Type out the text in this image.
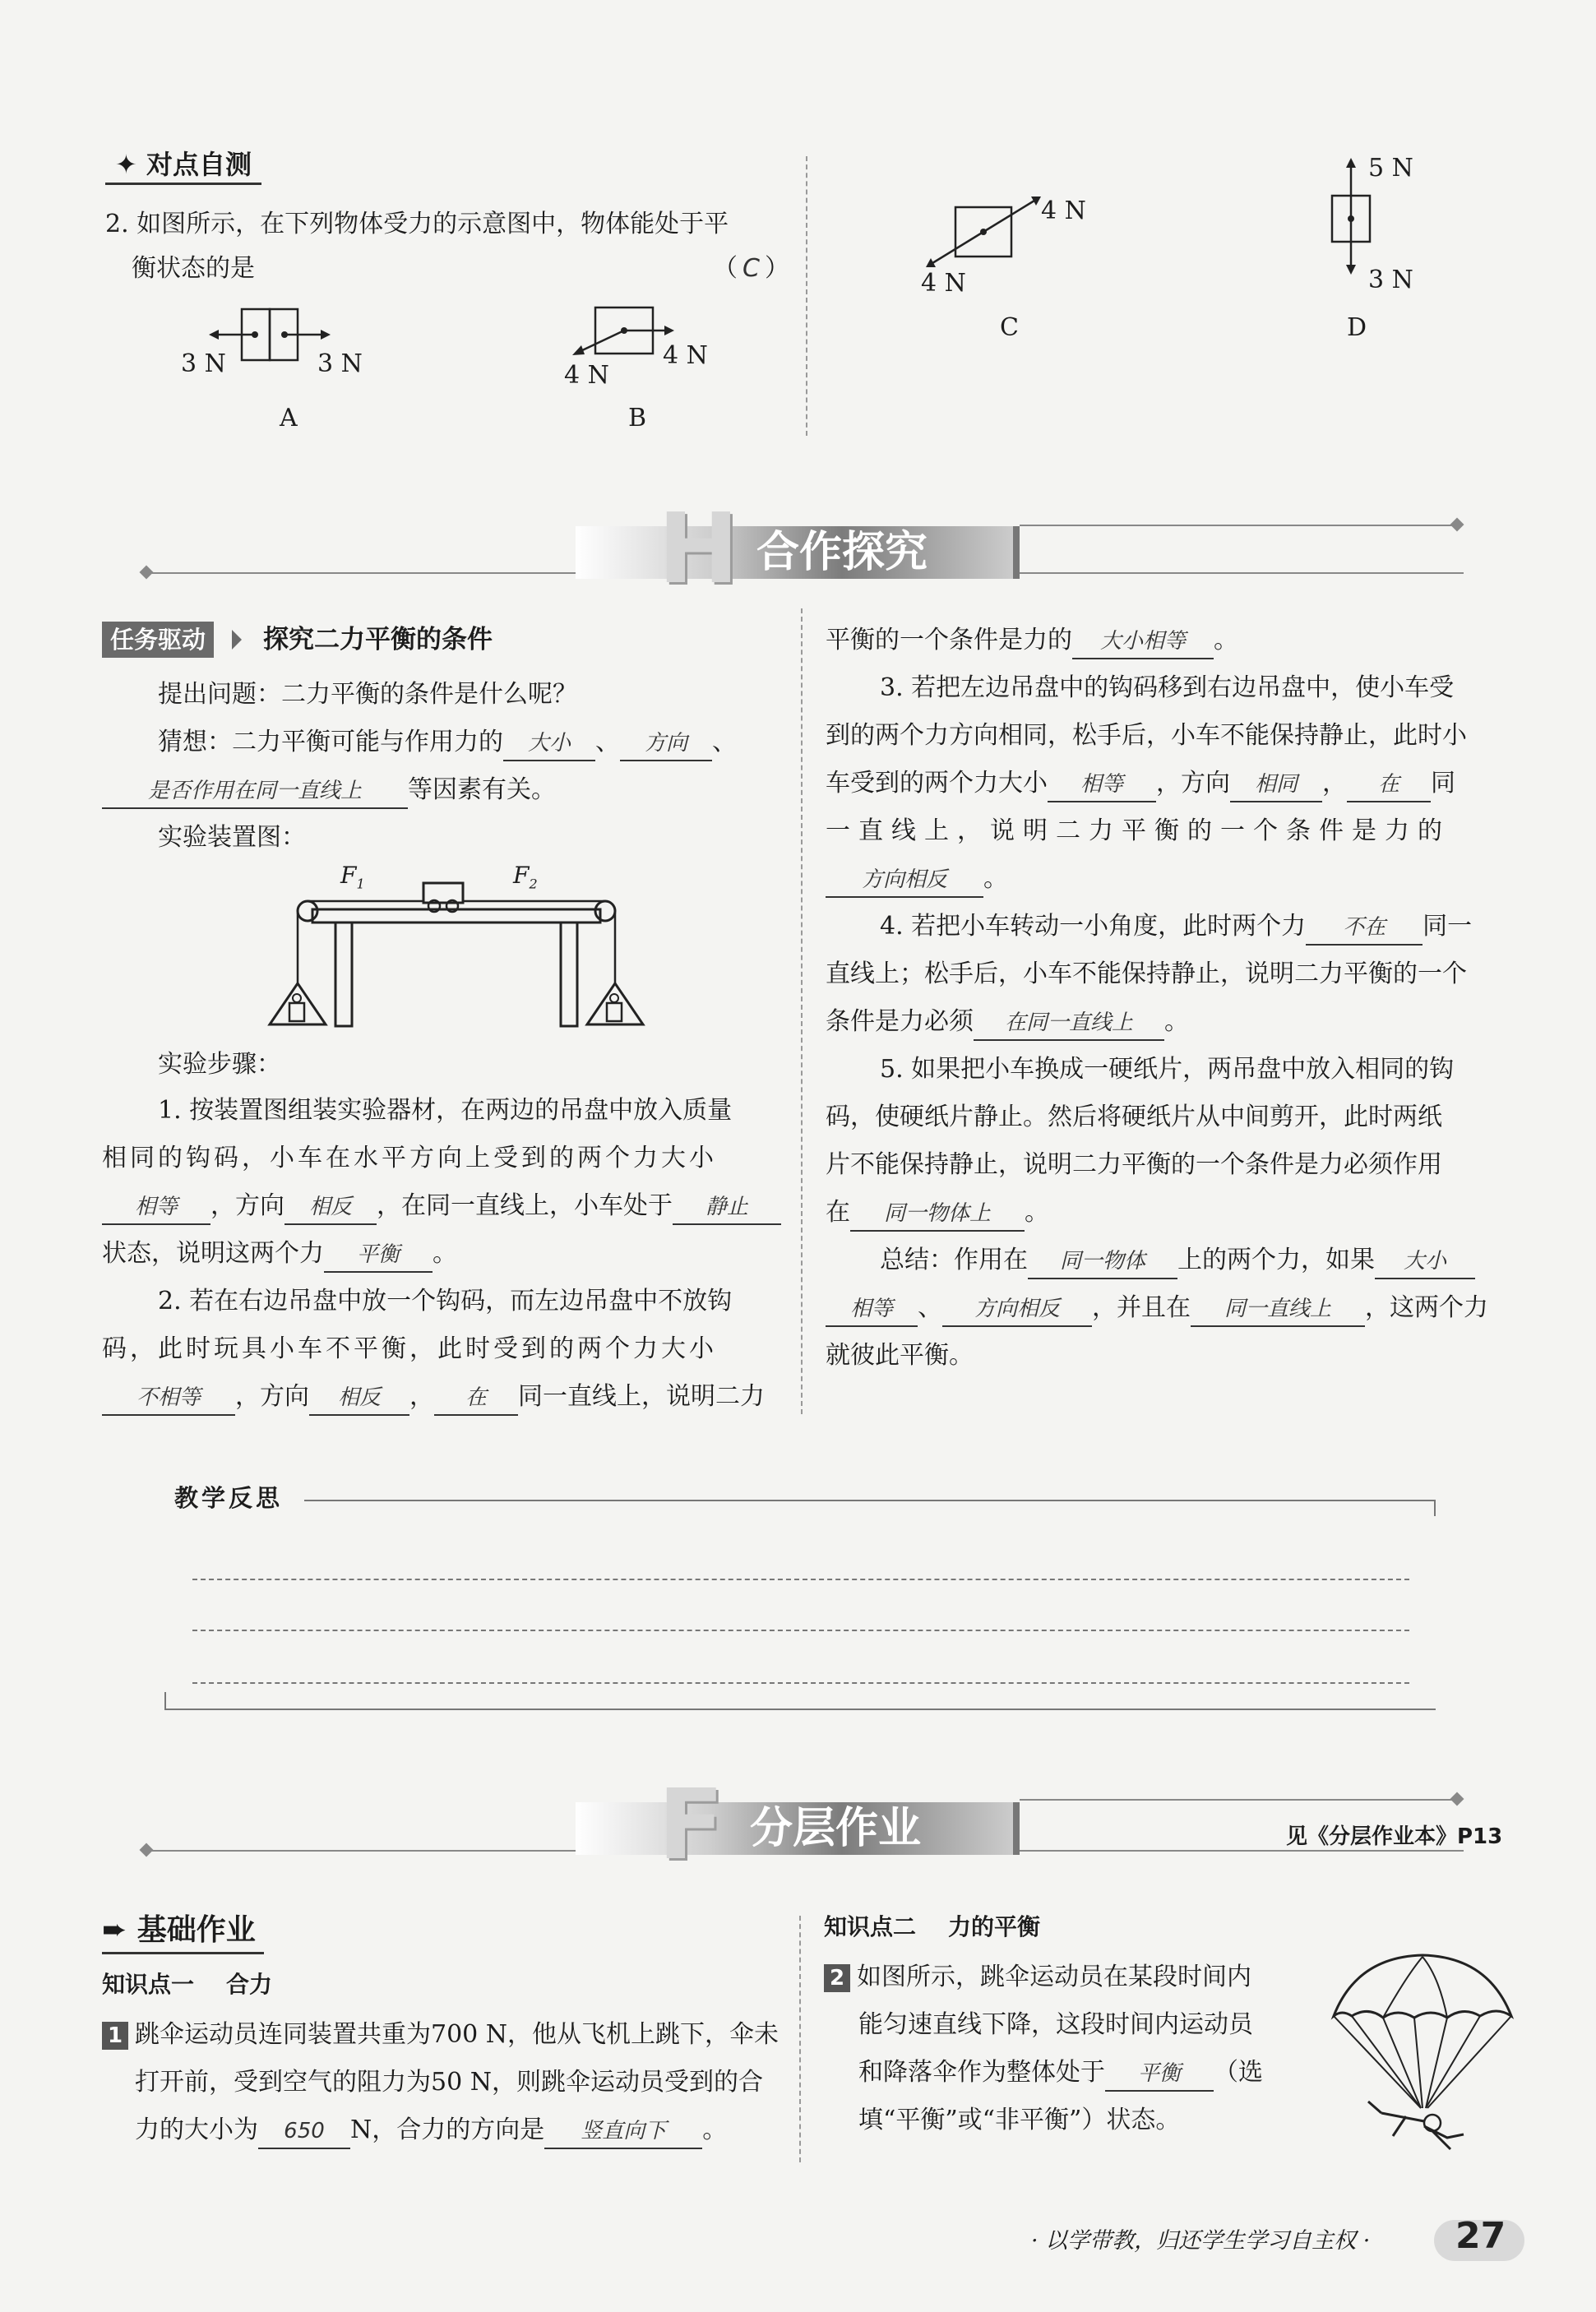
✦ 对点自测
2. 如图所示，在下列物体受力的示意图中，物体能处于平
衡状态的是	（ C ）
3 N	3 N
A
4 N
4 N
B
4 N
4 N
C
5 N
3 N
D
H 合作探究
任务驱动	探究二力平衡的条件
提出问题：二力平衡的条件是什么呢？
猜想：二力平衡可能与作用力的 大小 、 方向 、
是否作用在同一直线上 等因素有关。
实验装置图：
$F_1$	$F_2$
实验步骤：
1. 按装置图组装实验器材，在两边的吊盘中放入质量
相同的钩码，小车在水平方向上受到的两个力大小
相等 ，方向 相反 ，在同一直线上，小车处于 静止
状态，说明这两个力 平衡 。
2. 若在右边吊盘中放一个钩码，而左边吊盘中不放钩
码，此时玩具小车不平衡，此时受到的两个力大小
不相等 ，方向 相反 ， 在 同一直线上，说明二力
平衡的一个条件是力的 大小相等 。
3. 若把左边吊盘中的钩码移到右边吊盘中，使小车受
到的两个力方向相同，松手后，小车不能保持静止，此时小
车受到的两个力大小 相等 ，方向 相同 ， 在 同
一直线上，说明二力平衡的一个条件是力的
方向相反 。
4. 若把小车转动一小角度，此时两个力 不在 同一
直线上；松手后，小车不能保持静止，说明二力平衡的一个
条件是力必须 在同一直线上 。
5. 如果把小车换成一硬纸片，两吊盘中放入相同的钩
码，使硬纸片静止。然后将硬纸片从中间剪开，此时两纸
片不能保持静止，说明二力平衡的一个条件是力必须作用
在 同一物体上 。
总结：作用在 同一物体 上的两个力，如果 大小
相等 、 方向相反 ，并且在 同一直线上 ，这两个力
就彼此平衡。
教学反思
F 分层作业	见《分层作业本》P13
➨ 基础作业
知识点一    合力
1 跳伞运动员连同装置共重为700 N，他从飞机上跳下，伞未
打开前，受到空气的阻力为50 N，则跳伞运动员受到的合
力的大小为 650 N，合力的方向是 竖直向下 。
知识点二    力的平衡
2 如图所示，跳伞运动员在某段时间内
能匀速直线下降，这段时间内运动员
和降落伞作为整体处于 平衡 （选
填“平衡”或“非平衡”）状态。
· 以学带教，归还学生学习自主权 · 27
